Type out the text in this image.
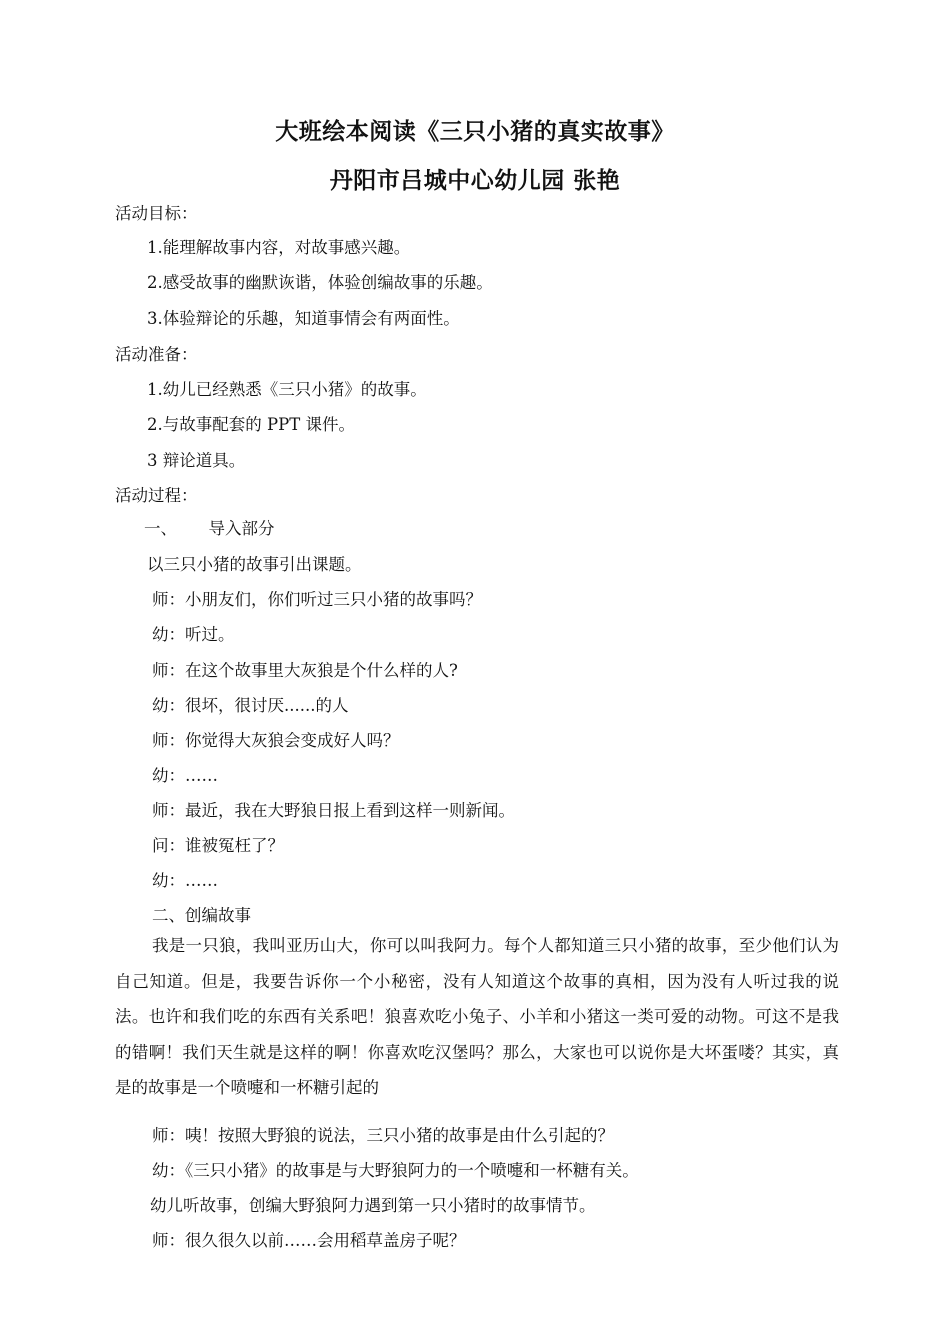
大班绘本阅读《三只小猪的真实故事》
丹阳市吕城中心幼儿园 张艳
活动目标：
1.能理解故事内容，对故事感兴趣。
2.感受故事的幽默诙谐，体验创编故事的乐趣。
3.体验辩论的乐趣，知道事情会有两面性。
活动准备：
1.幼儿已经熟悉《三只小猪》的故事。
2.与故事配套的 PPT 课件。
3 辩论道具。
活动过程：
一、      导入部分
以三只小猪的故事引出课题。
师：小朋友们，你们听过三只小猪的故事吗？
幼：听过。
师：在这个故事里大灰狼是个什么样的人?
幼：很坏，很讨厌......的人
师：你觉得大灰狼会变成好人吗？
幼：……
师：最近，我在大野狼日报上看到这样一则新闻。
问：谁被冤枉了？
幼：……
二、创编故事
我是一只狼，我叫亚历山大，你可以叫我阿力。每个人都知道三只小猪的故事，至少他们认为自己知道。但是，我要告诉你一个小秘密，没有人知道这个故事的真相，因为没有人听过我的说法。也许和我们吃的东西有关系吧！狼喜欢吃小兔子、小羊和小猪这一类可爱的动物。可这不是我的错啊！我们天生就是这样的啊！你喜欢吃汉堡吗？那么，大家也可以说你是大坏蛋喽？其实，真是的故事是一个喷嚏和一杯糖引起的
师：咦！按照大野狼的说法，三只小猪的故事是由什么引起的？
幼：《三只小猪》的故事是与大野狼阿力的一个喷嚏和一杯糖有关。
幼儿听故事，创编大野狼阿力遇到第一只小猪时的故事情节。
师：很久很久以前……会用稻草盖房子呢？
